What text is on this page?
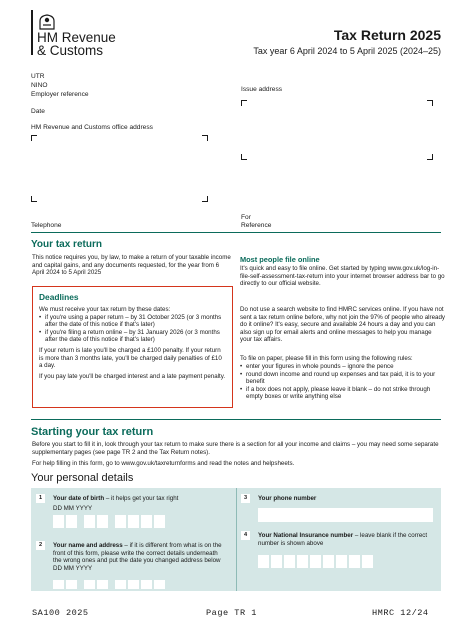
HM Revenue
& Customs
Tax Return 2025
Tax year 6 April 2024 to 5 April 2025 (2024–25)
UTR
NINO
Employer reference
Date
HM Revenue and Customs office address
Issue address
Telephone
For
Reference
Your tax return
This notice requires you, by law, to make a return of your taxable income and capital gains, and any documents requested, for the year from 6 April 2024 to 5 April 2025
Deadlines
We must receive your tax return by these dates:
• if you're using a paper return – by 31 October 2025 (or 3 months after the date of this notice if that's later)
• if you're filing a return online – by 31 January 2026 (or 3 months after the date of this notice if that's later)
If your return is late you'll be charged a £100 penalty. If your return is more than 3 months late, you'll be charged daily penalties of £10 a day.
If you pay late you'll be charged interest and a late payment penalty.
Most people file online
It's quick and easy to file online. Get started by typing www.gov.uk/log-in-file-self-assessment-tax-return into your internet browser address bar to go directly to our official website.
Do not use a search website to find HMRC services online. If you have not sent a tax return online before, why not join the 97% of people who already do it online? It's easy, secure and available 24 hours a day and you can also sign up for email alerts and online messages to help you manage your tax affairs.
To file on paper, please fill in this form using the following rules:
• enter your figures in whole pounds – ignore the pence
• round down income and round up expenses and tax paid, it is to your benefit
• if a box does not apply, please leave it blank – do not strike through empty boxes or write anything else
Starting your tax return
Before you start to fill it in, look through your tax return to make sure there is a section for all your income and claims – you may need some separate supplementary pages (see page TR 2 and the Tax Return notes).
For help filling in this form, go to www.gov.uk/taxreturnforms and read the notes and helpsheets.
Your personal details
1	Your date of birth – it helps get your tax right
DD MM YYYY
2	Your name and address – if it is different from what is on the front of this form, please write the correct details underneath the wrong ones and put the date you changed address below DD MM YYYY
3	Your phone number
4	Your National Insurance number – leave blank if the correct number is shown above
SA100 2025	Page TR 1	HMRC 12/24
